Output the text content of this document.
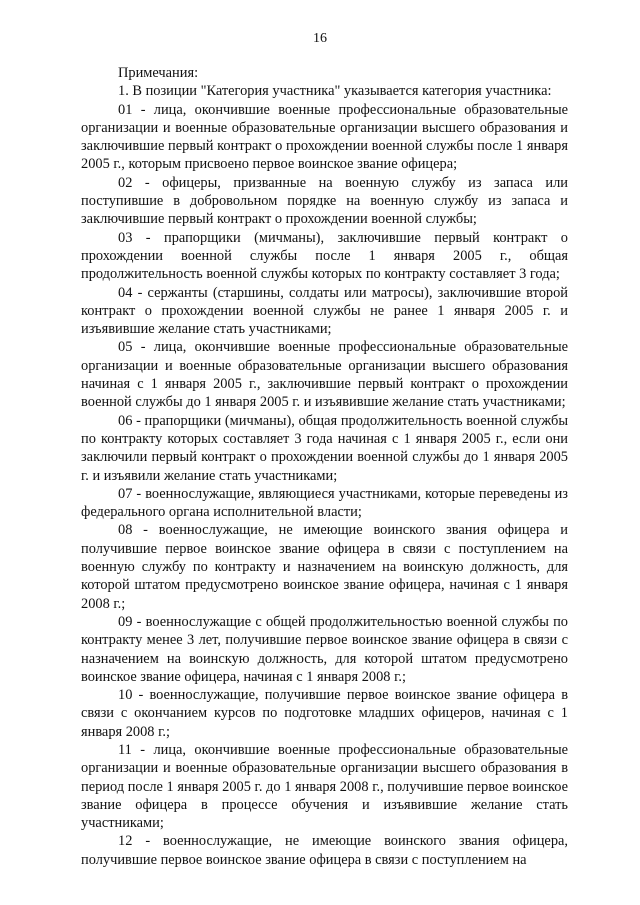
16

Примечания:

1. В позиции "Категория участника" указывается категория участника:

01 - лица, окончившие военные профессиональные образовательные организации и военные образовательные организации высшего образования и заключившие первый контракт о прохождении военной службы после 1 января 2005 г., которым присвоено первое воинское звание офицера;

02 - офицеры, призванные на военную службу из запаса или поступившие в добровольном порядке на военную службу из запаса и заключившие первый контракт о прохождении военной службы;

03 - прапорщики (мичманы), заключившие первый контракт о прохождении военной службы после 1 января 2005 г., общая продолжительность военной службы которых по контракту составляет 3 года;

04 - сержанты (старшины, солдаты или матросы), заключившие второй контракт о прохождении военной службы не ранее 1 января 2005 г. и изъявившие желание стать участниками;

05 - лица, окончившие военные профессиональные образовательные организации и военные образовательные организации высшего образования начиная с 1 января 2005 г., заключившие первый контракт о прохождении военной службы до 1 января 2005 г. и изъявившие желание стать участниками;

06 - прапорщики (мичманы), общая продолжительность военной службы по контракту которых составляет 3 года начиная с 1 января 2005 г., если они заключили первый контракт о прохождении военной службы до 1 января 2005 г. и изъявили желание стать участниками;

07 - военнослужащие, являющиеся участниками, которые переведены из федерального органа исполнительной власти;

08 - военнослужащие, не имеющие воинского звания офицера и получившие первое воинское звание офицера в связи с поступлением на военную службу по контракту и назначением на воинскую должность, для которой штатом предусмотрено воинское звание офицера, начиная с 1 января 2008 г.;

09 - военнослужащие с общей продолжительностью военной службы по контракту менее 3 лет, получившие первое воинское звание офицера в связи с назначением на воинскую должность, для которой штатом предусмотрено воинское звание офицера, начиная с 1 января 2008 г.;

10 - военнослужащие, получившие первое воинское звание офицера в связи с окончанием курсов по подготовке младших офицеров, начиная с 1 января 2008 г.;

11 - лица, окончившие военные профессиональные образовательные организации и военные образовательные организации высшего образования в период после 1 января 2005 г. до 1 января 2008 г., получившие первое воинское звание офицера в процессе обучения и изъявившие желание стать участниками;

12 - военнослужащие, не имеющие воинского звания офицера, получившие первое воинское звание офицера в связи с поступлением на
